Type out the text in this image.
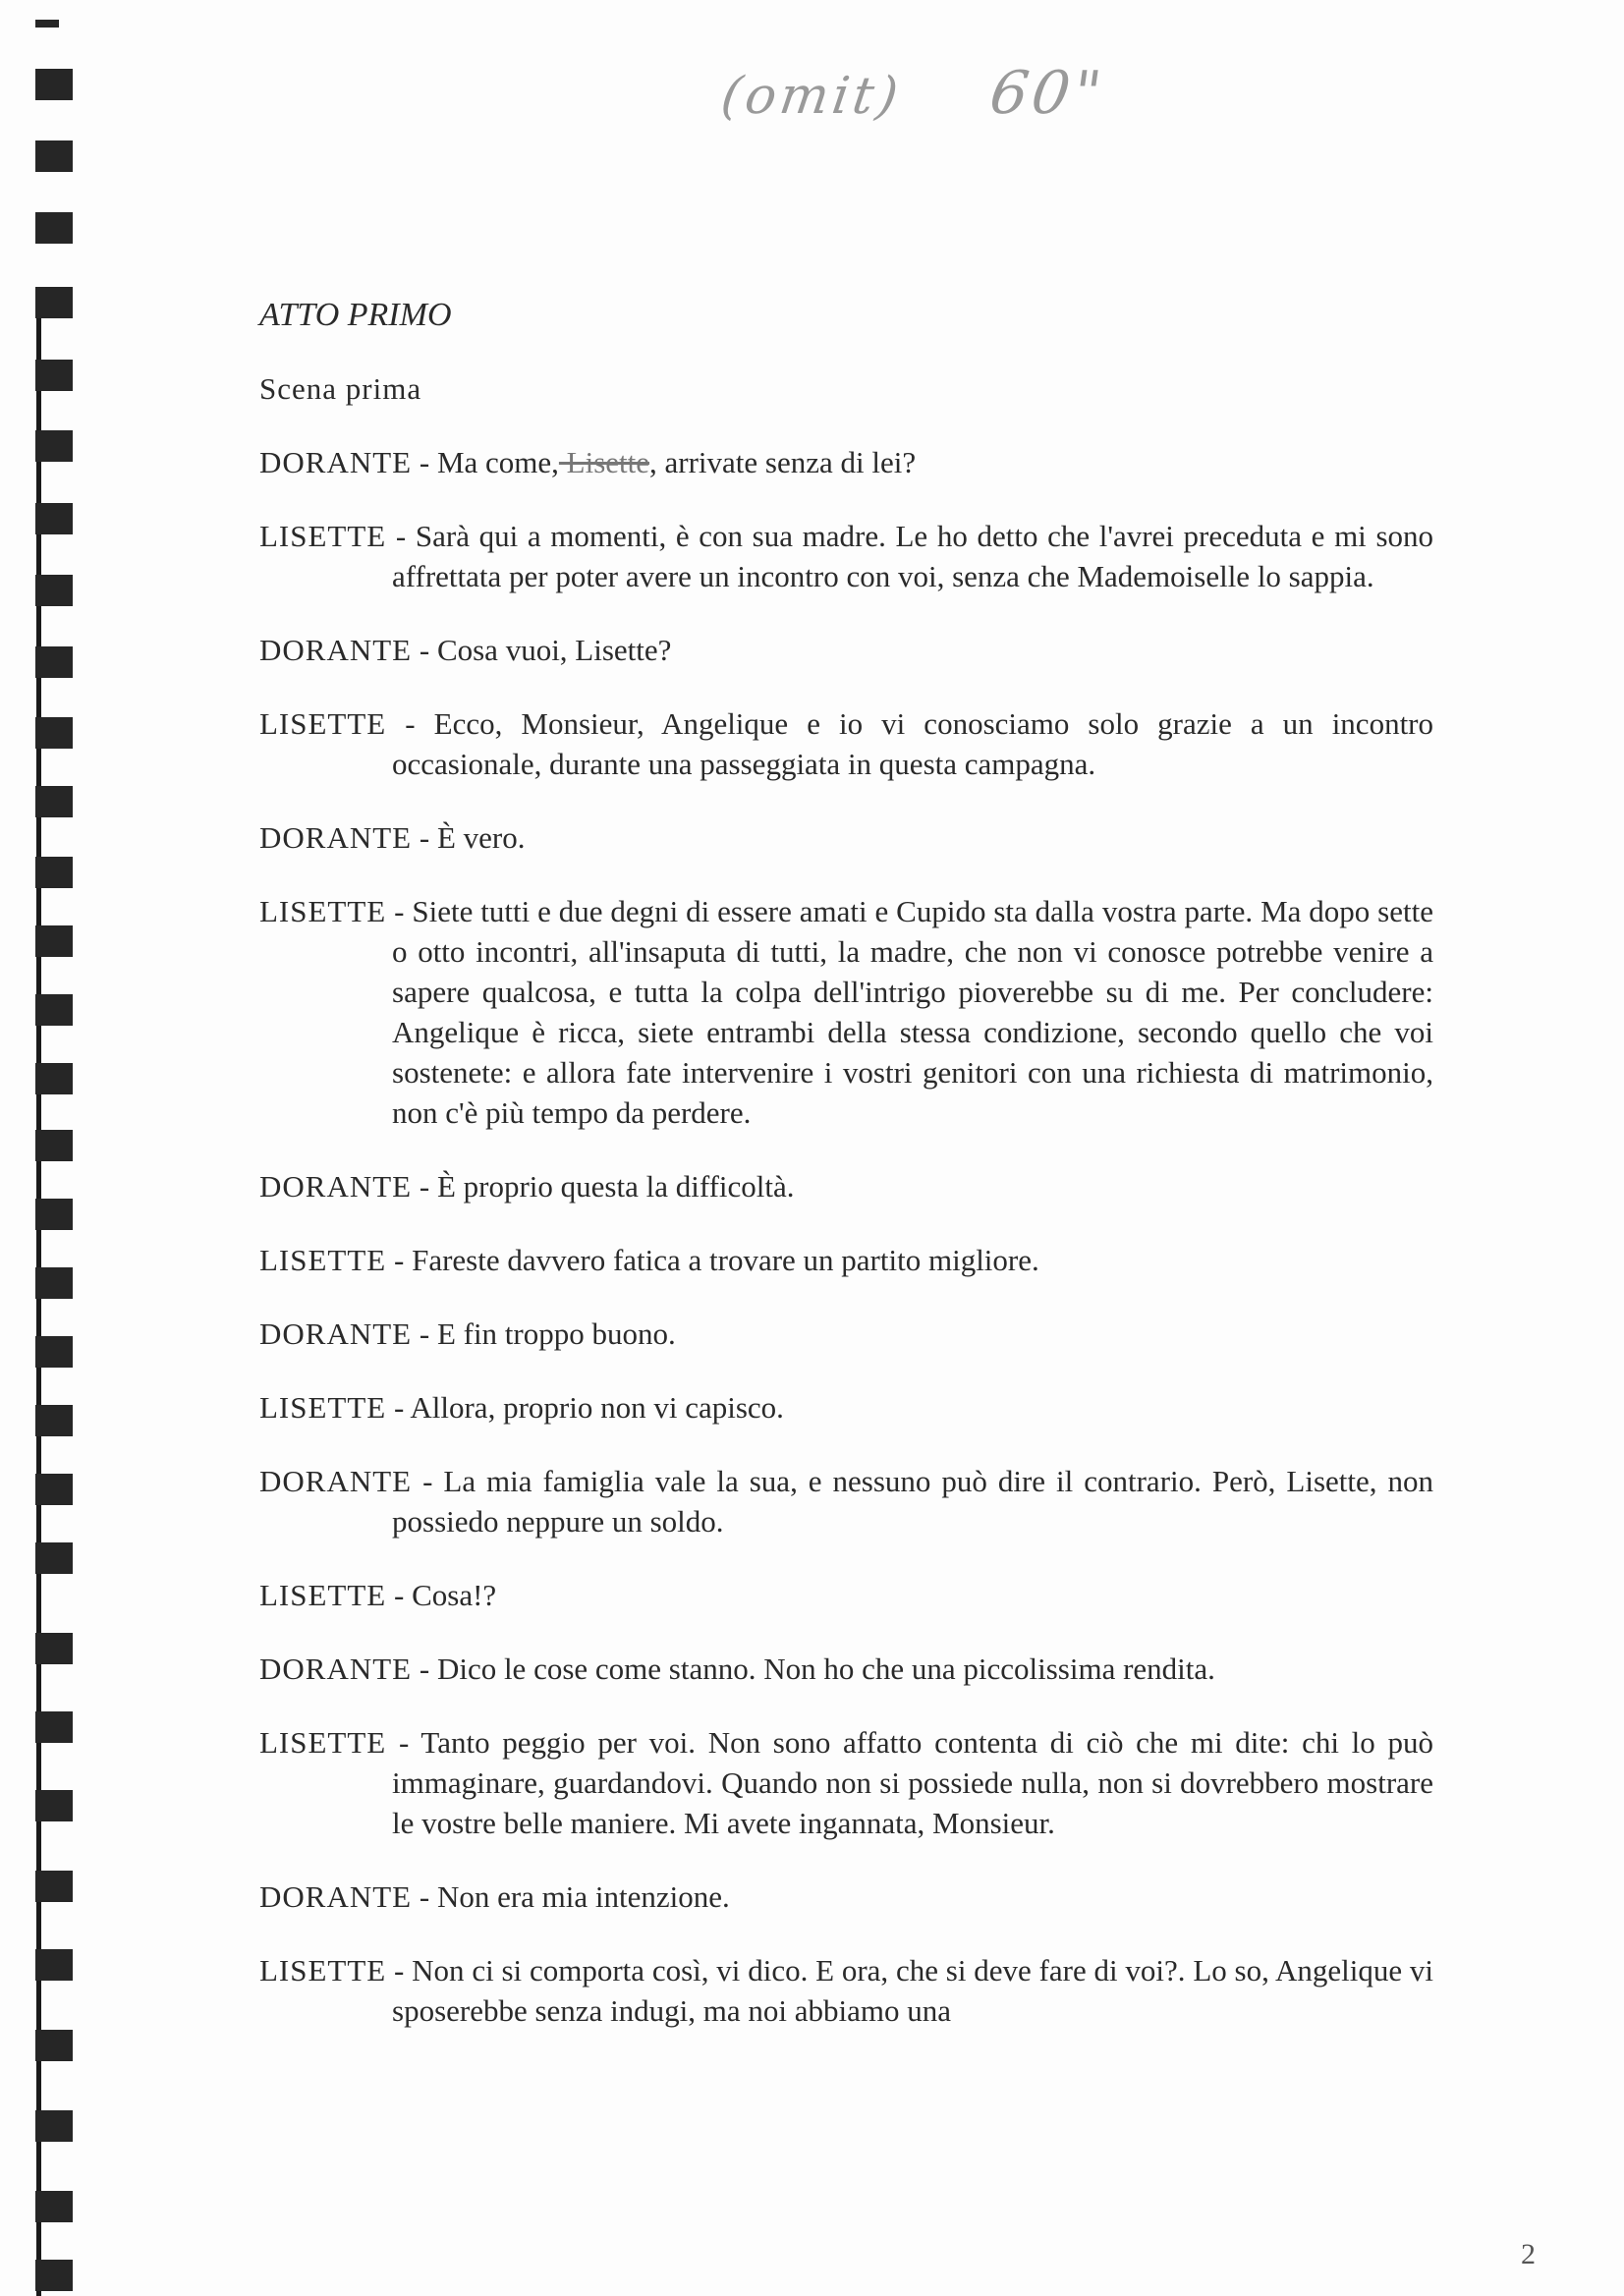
(omit) 60"
ATTO PRIMO
Scena prima
DORANTE - Ma come, Lisette, arrivate senza di lei?
LISETTE - Sarà qui a momenti, è con sua madre. Le ho detto che l'avrei preceduta e mi sono affrettata per poter avere un incontro con voi, senza che Mademoiselle lo sappia.
DORANTE - Cosa vuoi, Lisette?
LISETTE - Ecco, Monsieur, Angelique e io vi conosciamo solo grazie a un incontro occasionale, durante una passeggiata in questa campagna.
DORANTE - È vero.
LISETTE - Siete tutti e due degni di essere amati e Cupido sta dalla vostra parte. Ma dopo sette o otto incontri, all'insaputa di tutti, la madre, che non vi conosce potrebbe venire a sapere qualcosa, e tutta la colpa dell'intrigo pioverebbe su di me. Per concludere: Angelique è ricca, siete entrambi della stessa condizione, secondo quello che voi sostenete: e allora fate intervenire i vostri genitori con una richiesta di matrimonio, non c'è più tempo da perdere.
DORANTE - È proprio questa la difficoltà.
LISETTE - Fareste davvero fatica a trovare un partito migliore.
DORANTE - E fin troppo buono.
LISETTE - Allora, proprio non vi capisco.
DORANTE - La mia famiglia vale la sua, e nessuno può dire il contrario. Però, Lisette, non possiedo neppure un soldo.
LISETTE - Cosa!?
DORANTE - Dico le cose come stanno. Non ho che una piccolissima rendita.
LISETTE - Tanto peggio per voi. Non sono affatto contenta di ciò che mi dite: chi lo può immaginare, guardandovi. Quando non si possiede nulla, non si dovrebbero mostrare le vostre belle maniere. Mi avete ingannata, Monsieur.
DORANTE - Non era mia intenzione.
LISETTE - Non ci si comporta così, vi dico. E ora, che si deve fare di voi?. Lo so, Angelique vi sposerebbe senza indugi, ma noi abbiamo una
2
